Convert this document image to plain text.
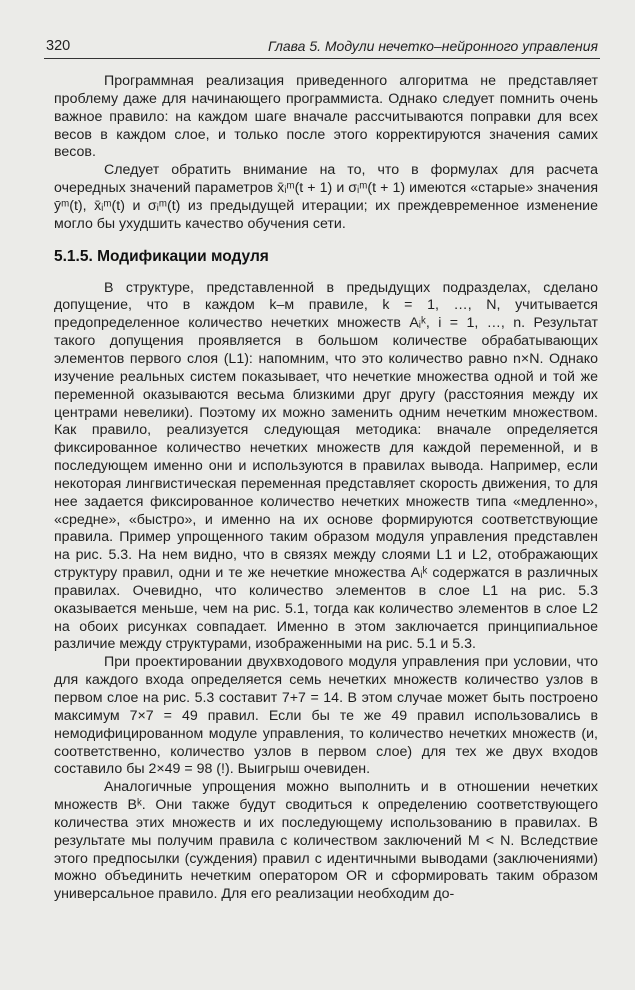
320	Глава 5. Модули нечетко–нейронного управления

Программная реализация приведенного алгоритма не представляет проблему даже для начинающего программиста. Однако следует помнить очень важное правило: на каждом шаге вначале рассчитываются поправки для всех весов в каждом слое, и только после этого корректируются значения самих весов.

Следует обратить внимание на то, что в формулах для расчета очередных значений параметров x̄ᵢᵐ(t + 1) и σᵢᵐ(t + 1) имеются «старые» значения ȳᵐ(t), x̄ᵢᵐ(t) и σᵢᵐ(t) из предыдущей итерации; их преждевременное изменение могло бы ухудшить качество обучения сети.

5.1.5. Модификации модуля

В структуре, представленной в предыдущих подразделах, сделано допущение, что в каждом k–м правиле, k = 1, …, N, учитывается предопределенное количество нечетких множеств Aᵢᵏ, i = 1, …, n. Результат такого допущения проявляется в большом количестве обрабатывающих элементов первого слоя (L1): напомним, что это количество равно n×N. Однако изучение реальных систем показывает, что нечеткие множества одной и той же переменной оказываются весьма близкими друг другу (расстояния между их центрами невелики). Поэтому их можно заменить одним нечетким множеством. Как правило, реализуется следующая методика: вначале определяется фиксированное количество нечетких множеств для каждой переменной, и в последующем именно они и используются в правилах вывода. Например, если некоторая лингвистическая переменная представляет скорость движения, то для нее задается фиксированное количество нечетких множеств типа «медленно», «средне», «быстро», и именно на их основе формируются соответствующие правила. Пример упрощенного таким образом модуля управления представлен на рис. 5.3. На нем видно, что в связях между слоями L1 и L2, отображающих структуру правил, одни и те же нечеткие множества Aᵢᵏ содержатся в различных правилах. Очевидно, что количество элементов в слое L1 на рис. 5.3 оказывается меньше, чем на рис. 5.1, тогда как количество элементов в слое L2 на обоих рисунках совпадает. Именно в этом заключается принципиальное различие между структурами, изображенными на рис. 5.1 и 5.3.

При проектировании двухвходового модуля управления при условии, что для каждого входа определяется семь нечетких множеств количество узлов в первом слое на рис. 5.3 составит 7+7 = 14. В этом случае может быть построено максимум 7×7 = 49 правил. Если бы те же 49 правил использовались в немодифицированном модуле управления, то количество нечетких множеств (и, соответственно, количество узлов в первом слое) для тех же двух входов составило бы 2×49 = 98 (!). Выигрыш очевиден.

Аналогичные упрощения можно выполнить и в отношении нечетких множеств Bᵏ. Они также будут сводиться к определению соответствующего количества этих множеств и их последующему использованию в правилах. В результате мы получим правила с количеством заключений M < N. Вследствие этого предпосылки (суждения) правил с идентичными выводами (заключениями) можно объединить нечетким оператором OR и сформировать таким образом универсальное правило. Для его реализации необходим до-
